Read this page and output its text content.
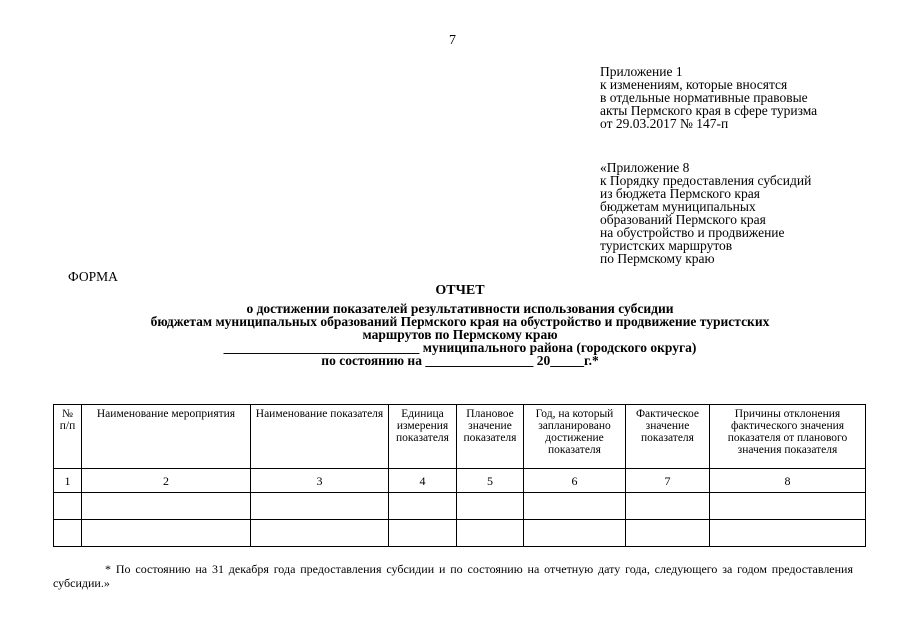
7
Приложение 1
к изменениям, которые вносятся
в отдельные нормативные правовые
акты Пермского края в сфере туризма
от 29.03.2017 № 147-п
«Приложение 8
к Порядку предоставления субсидий
из бюджета Пермского края
бюджетам муниципальных
образований Пермского края
на обустройство и продвижение
туристских маршрутов
по Пермскому краю
ФОРМА
ОТЧЕТ
о достижении показателей результативности использования субсидии
бюджетам муниципальных образований Пермского края на обустройство и продвижение туристских
маршрутов по Пермскому краю
_____________________________ муниципального района (городского округа)
по состоянию на ________________ 20_____г.*
№ п/п	Наименование мероприятия	Наименование показателя	Единица измерения показателя	Плановое значение показателя	Год, на который запланировано достижение показателя	Фактическое значение показателя	Причины отклонения фактического значения показателя от планового значения показателя
1	2	3	4	5	6	7	8

* По состоянию на 31 декабря года предоставления субсидии и по состоянию на отчетную дату года, следующего за годом предоставления субсидии.»
